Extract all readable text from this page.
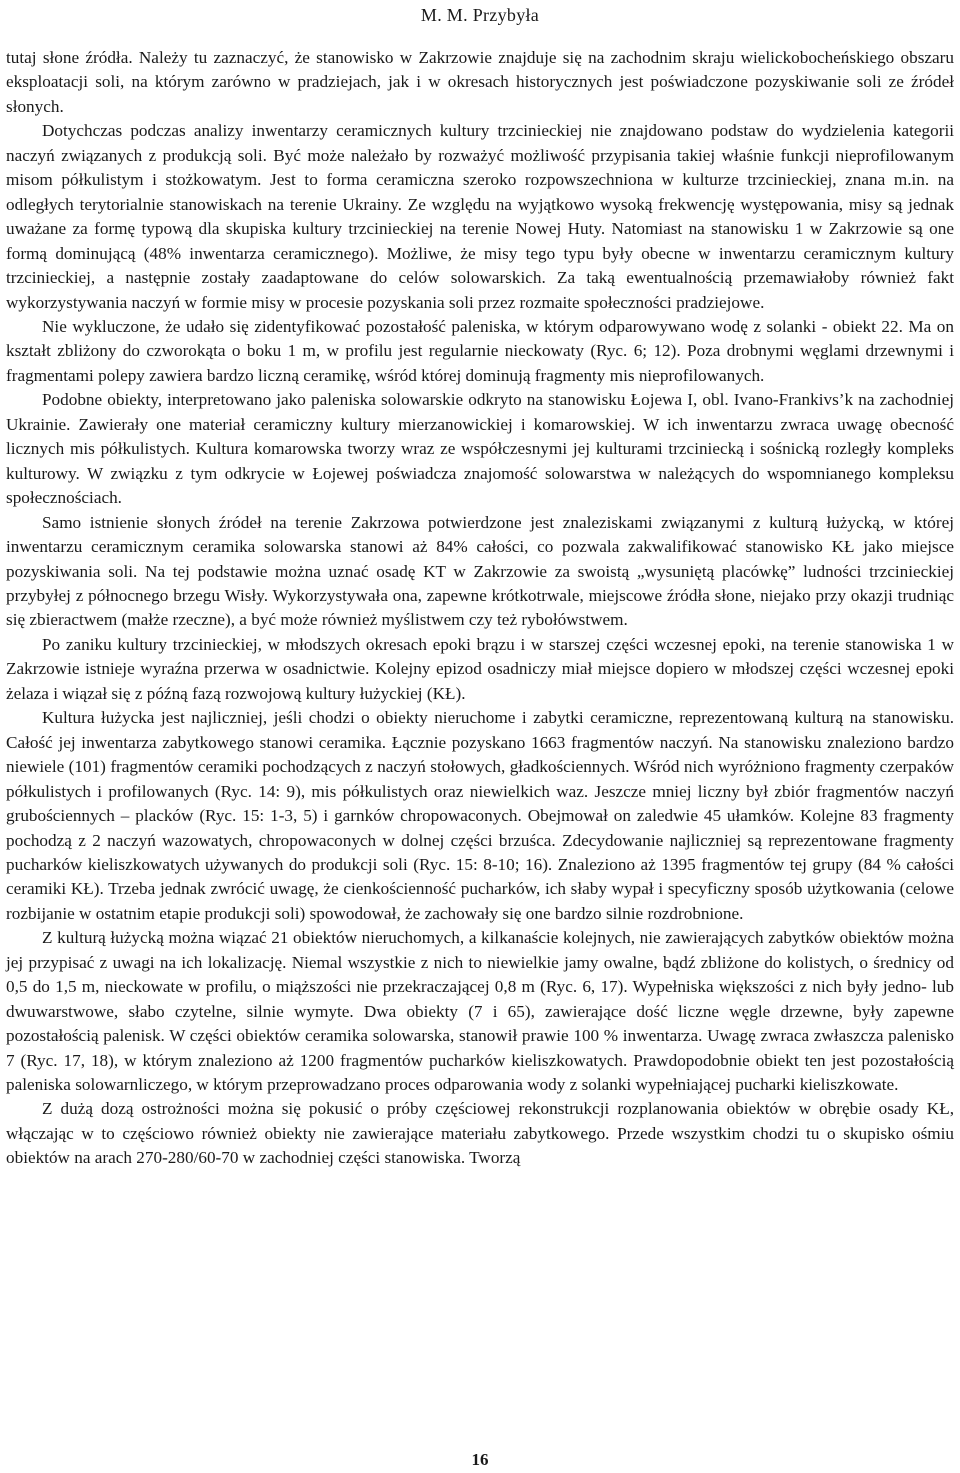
M. M. Przybyła

tutaj słone źródła. Należy tu zaznaczyć, że stanowisko w Zakrzowie znajduje się na zachodnim skraju wielickobocheńskiego obszaru eksploatacji soli, na którym zarówno w pradziejach, jak i w okresach historycznych jest poświadczone pozyskiwanie soli ze źródeł słonych.

Dotychczas podczas analizy inwentarzy ceramicznych kultury trzcinieckiej nie znajdowano podstaw do wydzielenia kategorii naczyń związanych z produkcją soli. Być może należało by rozważyć możliwość przypisania takiej właśnie funkcji nieprofilowanym misom półkulistym i stożkowatym. Jest to forma ceramiczna szeroko rozpowszechniona w kulturze trzcinieckiej, znana m.in. na odległych terytorialnie stanowiskach na terenie Ukrainy. Ze względu na wyjątkowo wysoką frekwencję występowania, misy są jednak uważane za formę typową dla skupiska kultury trzcinieckiej na terenie Nowej Huty. Natomiast na stanowisku 1 w Zakrzowie są one formą dominującą (48% inwentarza ceramicznego). Możliwe, że misy tego typu były obecne w inwentarzu ceramicznym kultury trzcinieckiej, a następnie zostały zaadaptowane do celów solowarskich. Za taką ewentualnością przemawiałoby również fakt wykorzystywania naczyń w formie misy w procesie pozyskania soli przez rozmaite społeczności pradziejowe.

Nie wykluczone, że udało się zidentyfikować pozostałość paleniska, w którym odparowywano wodę z solanki - obiekt 22. Ma on kształt zbliżony do czworokąta o boku 1 m, w profilu jest regularnie nieckowaty (Ryc. 6; 12). Poza drobnymi węglami drzewnymi i fragmentami polepy zawiera bardzo liczną ceramikę, wśród której dominują fragmenty mis nieprofilowanych.

Podobne obiekty, interpretowano jako paleniska solowarskie odkryto na stanowisku Łojewa I, obl. Ivano-Frankivs’k na zachodniej Ukrainie. Zawierały one materiał ceramiczny kultury mierzanowickiej i komarowskiej. W ich inwentarzu zwraca uwagę obecność licznych mis półkulistych. Kultura komarowska tworzy wraz ze współczesnymi jej kulturami trzciniecką i sośnicką rozległy kompleks kulturowy. W związku z tym odkrycie w Łojewej poświadcza znajomość solowarstwa w należących do wspomnianego kompleksu społecznościach.

Samo istnienie słonych źródeł na terenie Zakrzowa potwierdzone jest znaleziskami związanymi z kulturą łużycką, w której inwentarzu ceramicznym ceramika solowarska stanowi aż 84% całości, co pozwala zakwalifikować stanowisko KŁ jako miejsce pozyskiwania soli. Na tej podstawie można uznać osadę KT w Zakrzowie za swoistą „wysuniętą placówkę” ludności trzcinieckiej przybyłej z północnego brzegu Wisły. Wykorzystywała ona, zapewne krótkotrwale, miejscowe źródła słone, niejako przy okazji trudniąc się zbieractwem (małże rzeczne), a być może również myślistwem czy też rybołówstwem.

Po zaniku kultury trzcinieckiej, w młodszych okresach epoki brązu i w starszej części wczesnej epoki, na terenie stanowiska 1 w Zakrzowie istnieje wyraźna przerwa w osadnictwie. Kolejny epizod osadniczy miał miejsce dopiero w młodszej części wczesnej epoki żelaza i wiązał się z późną fazą rozwojową kultury łużyckiej (KŁ).

Kultura łużycka jest najliczniej, jeśli chodzi o obiekty nieruchome i zabytki ceramiczne, reprezentowaną kulturą na stanowisku. Całość jej inwentarza zabytkowego stanowi ceramika. Łącznie pozyskano 1663 fragmentów naczyń. Na stanowisku znaleziono bardzo niewiele (101) fragmentów ceramiki pochodzących z naczyń stołowych, gładkościennych. Wśród nich wyróżniono fragmenty czerpaków półkulistych i profilowanych (Ryc. 14: 9), mis półkulistych oraz niewielkich waz. Jeszcze mniej liczny był zbiór fragmentów naczyń grubościennych – placków (Ryc. 15: 1-3, 5) i garnków chropowaconych. Obejmował on zaledwie 45 ułamków. Kolejne 83 fragmenty pochodzą z 2 naczyń wazowatych, chropowaconych w dolnej części brzuśca. Zdecydowanie najliczniej są reprezentowane fragmenty pucharków kieliszkowatych używanych do produkcji soli (Ryc. 15: 8-10; 16). Znaleziono aż 1395 fragmentów tej grupy (84 % całości ceramiki KŁ). Trzeba jednak zwrócić uwagę, że cienkościenność pucharków, ich słaby wypał i specyficzny sposób użytkowania (celowe rozbijanie w ostatnim etapie produkcji soli) spowodował, że zachowały się one bardzo silnie rozdrobnione.

Z kulturą łużycką można wiązać 21 obiektów nieruchomych, a kilkanaście kolejnych, nie zawierających zabytków obiektów można jej przypisać z uwagi na ich lokalizację. Niemal wszystkie z nich to niewielkie jamy owalne, bądź zbliżone do kolistych, o średnicy od 0,5 do 1,5 m, nieckowate w profilu, o miąższości nie przekraczającej 0,8 m (Ryc. 6, 17). Wypełniska większości z nich były jedno- lub dwuwarstwowe, słabo czytelne, silnie wymyte. Dwa obiekty (7 i 65), zawierające dość liczne węgle drzewne, były zapewne pozostałością palenisk. W części obiektów ceramika solowarska, stanowił prawie 100 % inwentarza. Uwagę zwraca zwłaszcza palenisko 7 (Ryc. 17, 18), w którym znaleziono aż 1200 fragmentów pucharków kieliszkowatych. Prawdopodobnie obiekt ten jest pozostałością paleniska solowarnliczego, w którym przeprowadzano proces odparowania wody z solanki wypełniającej pucharki kieliszkowate.

Z dużą dozą ostrożności można się pokusić o próby częściowej rekonstrukcji rozplanowania obiektów w obrębie osady KŁ, włączając w to częściowo również obiekty nie zawierające materiału zabytkowego. Przede wszystkim chodzi tu o skupisko ośmiu obiektów na arach 270-280/60-70 w zachodniej części stanowiska. Tworzą

16
